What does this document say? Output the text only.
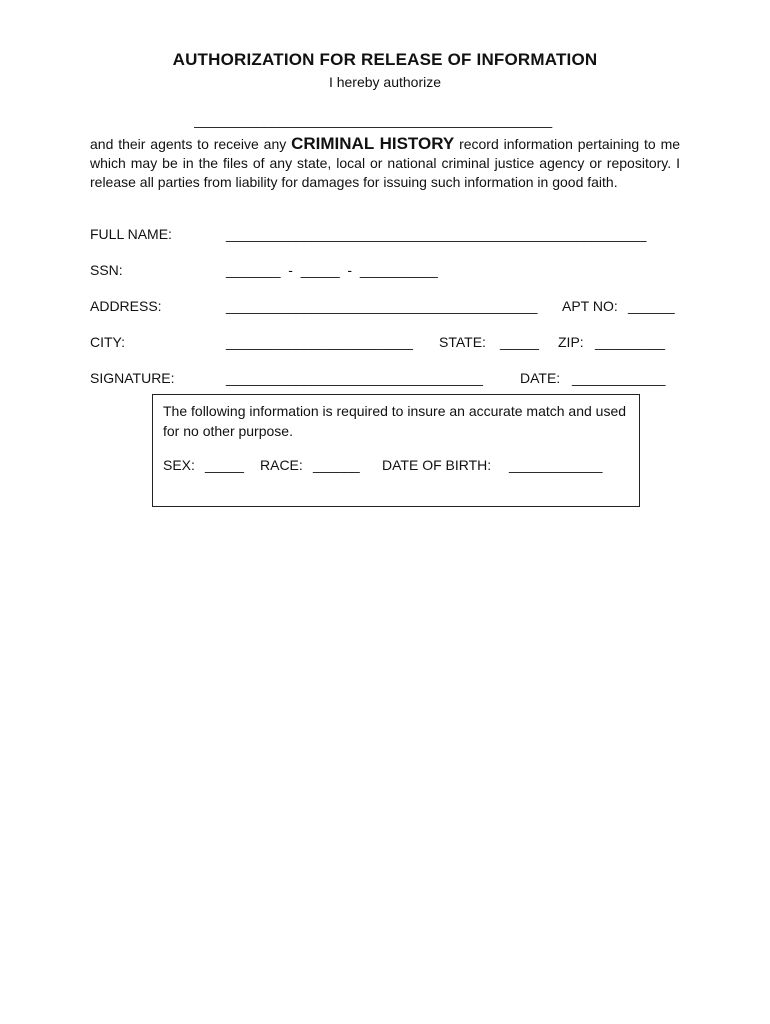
AUTHORIZATION FOR RELEASE OF INFORMATION
I hereby authorize
______________________________________________
and their agents to receive any CRIMINAL HISTORY record information pertaining to me which may be in the files of any state, local or national criminal justice agency or repository. I release all parties from liability for damages for issuing such information in good faith.
FULL NAME:	______________________________________________________
SSN:	_______  -  _____  -  __________
ADDRESS:	________________________________________ APT NO: ______
CITY:	________________________ STATE: _____ ZIP: _________
SIGNATURE:	_________________________________	DATE: ____________
The following information is required to insure an accurate match and used for no other purpose.
SEX: _____ RACE: ______ DATE OF BIRTH: ____________
